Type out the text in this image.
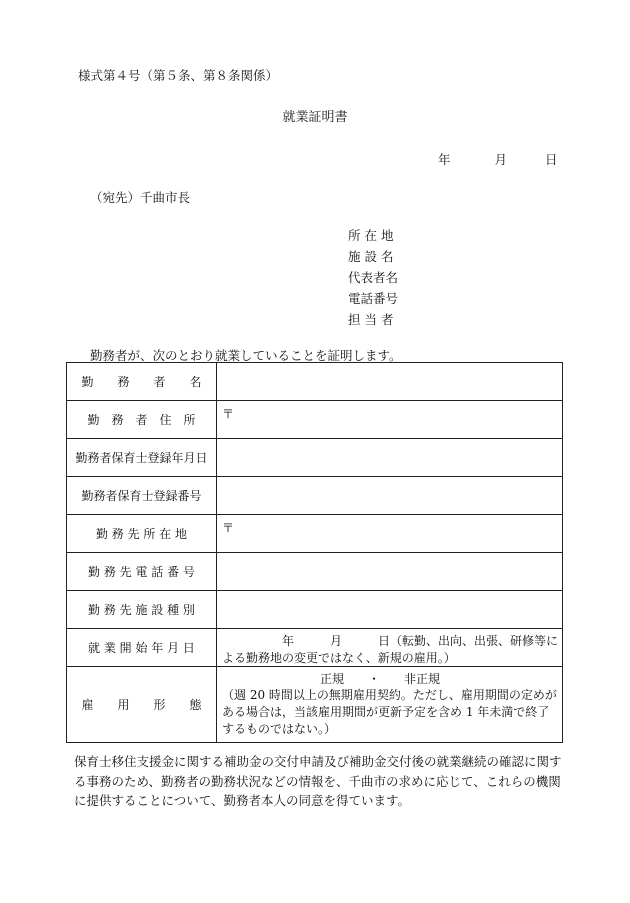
様式第４号（第５条、第８条関係）
就業証明書
年	月	日
（宛先）千曲市長
所 在 地
施 設 名
代表者名
電話番号
担 当 者
勤務者が、次のとおり就業していることを証明します。
勤　　務　　者　　名	
勤　務　者　住　所	〒

勤務者保育士登録年月日	
勤務者保育士登録番号	
勤 務 先 所 在 地	〒

勤 務 先 電 話 番 号	
勤 務 先 施 設 種 別	
就 業 開 始 年 月 日	年　　　月　　　日（転勤、出向、出張、研修等に
よる勤務地の変更ではなく、新規の雇用。）

雇　　用　　形　　態	正規　　・　　非正規
（週 20 時間以上の無期雇用契約。ただし、雇用期間の定めがある場合は，当該雇用期間が更新予定を含め 1 年未満で終了するものではない。）
保育士移住支援金に関する補助金の交付申請及び補助金交付後の就業継続の確認に関する事務のため、勤務者の勤務状況などの情報を、千曲市の求めに応じて、これらの機関に提供することについて、勤務者本人の同意を得ています。
